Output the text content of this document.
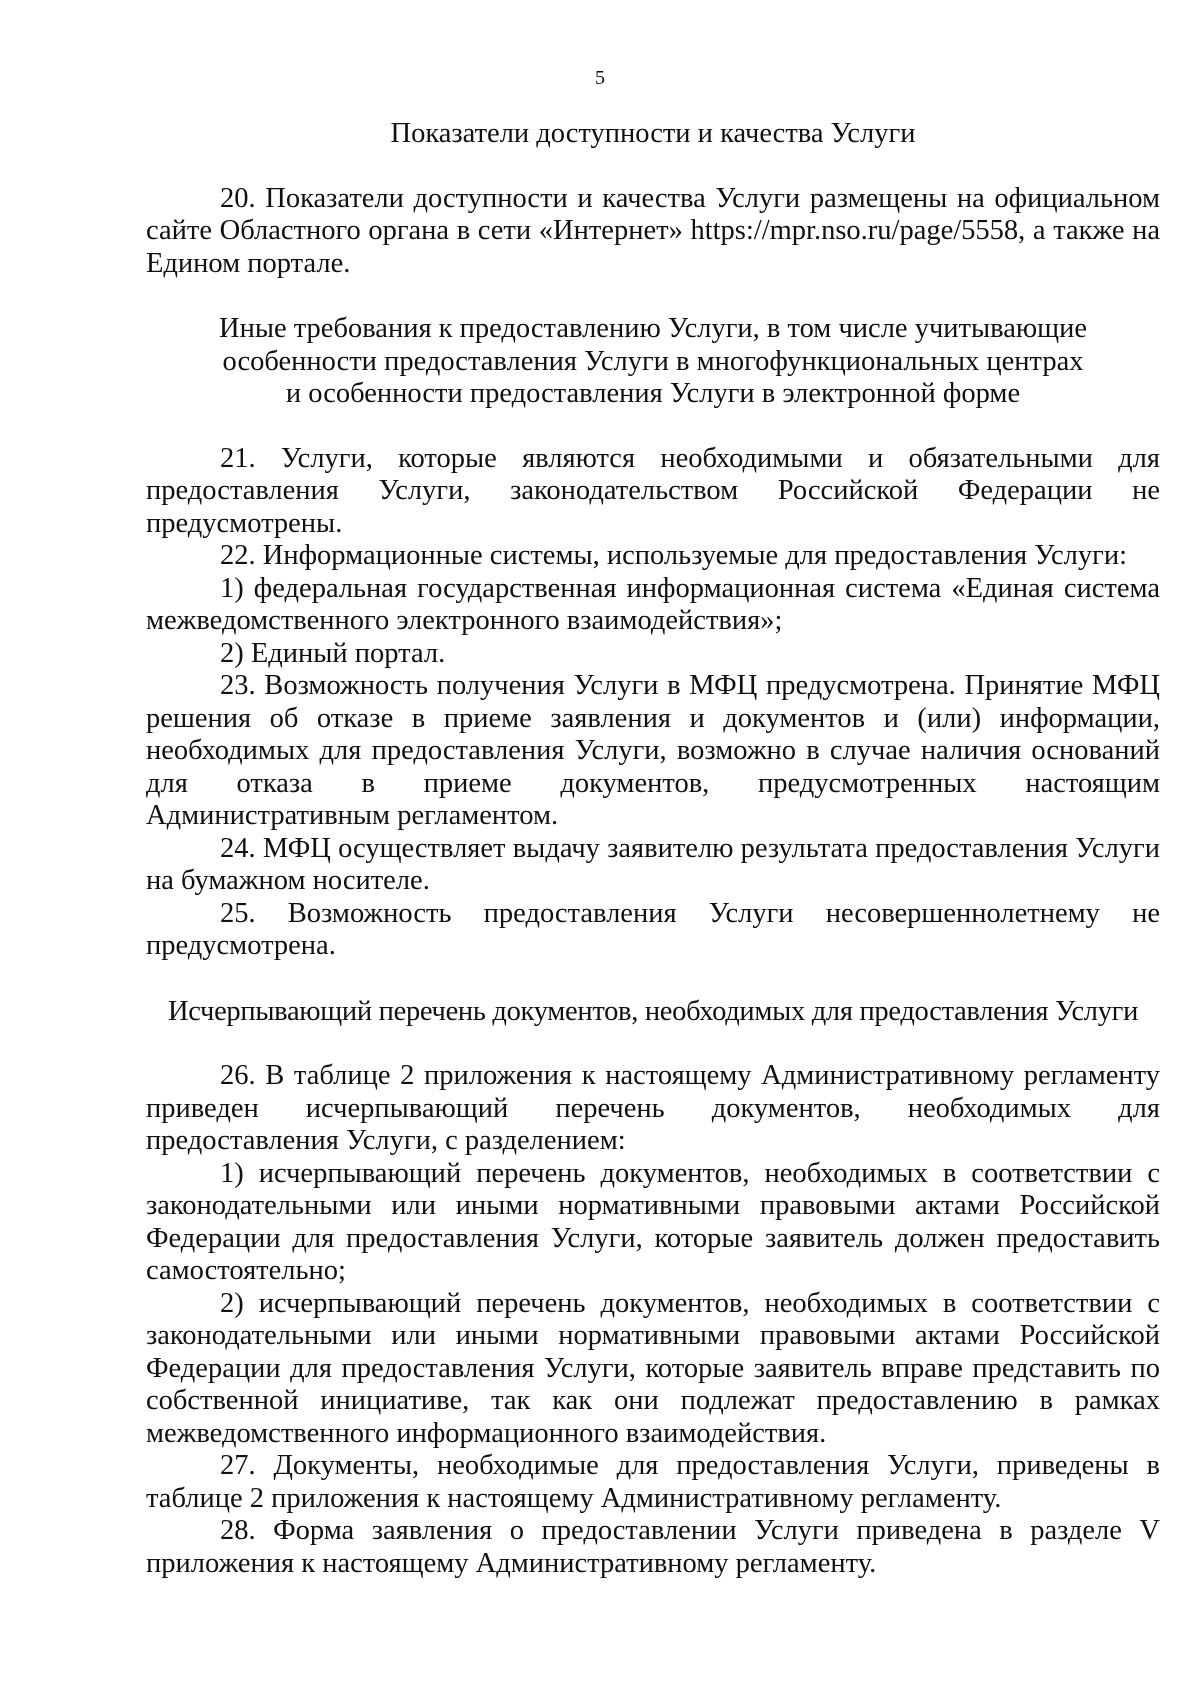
5

Показатели доступности и качества Услуги

20. Показатели доступности и качества Услуги размещены на официальном сайте Областного органа в сети «Интернет» https://mpr.nso.ru/page/5558, а также на Едином портале.

Иные требования к предоставлению Услуги, в том числе учитывающие
особенности предоставления Услуги в многофункциональных центрах
и особенности предоставления Услуги в электронной форме

21. Услуги, которые являются необходимыми и обязательными для предоставления Услуги, законодательством Российской Федерации не предусмотрены.

22. Информационные системы, используемые для предоставления Услуги:

1) федеральная государственная информационная система «Единая система межведомственного электронного взаимодействия»;

2) Единый портал.

23. Возможность получения Услуги в МФЦ предусмотрена. Принятие МФЦ решения об отказе в приеме заявления и документов и (или) информации, необходимых для предоставления Услуги, возможно в случае наличия оснований для отказа в приеме документов, предусмотренных настоящим Административным регламентом.

24. МФЦ осуществляет выдачу заявителю результата предоставления Услуги на бумажном носителе.

25. Возможность предоставления Услуги несовершеннолетнему не предусмотрена.

Исчерпывающий перечень документов, необходимых для предоставления Услуги

26. В таблице 2 приложения к настоящему Административному регламенту приведен исчерпывающий перечень документов, необходимых для предоставления Услуги, с разделением:

1) исчерпывающий перечень документов, необходимых в соответствии с законодательными или иными нормативными правовыми актами Российской Федерации для предоставления Услуги, которые заявитель должен предоставить самостоятельно;

2) исчерпывающий перечень документов, необходимых в соответствии с законодательными или иными нормативными правовыми актами Российской Федерации для предоставления Услуги, которые заявитель вправе представить по собственной инициативе, так как они подлежат предоставлению в рамках межведомственного информационного взаимодействия.

27. Документы, необходимые для предоставления Услуги, приведены в таблице 2 приложения к настоящему Административному регламенту.

28. Форма заявления о предоставлении Услуги приведена в разделе V приложения к настоящему Административному регламенту.
